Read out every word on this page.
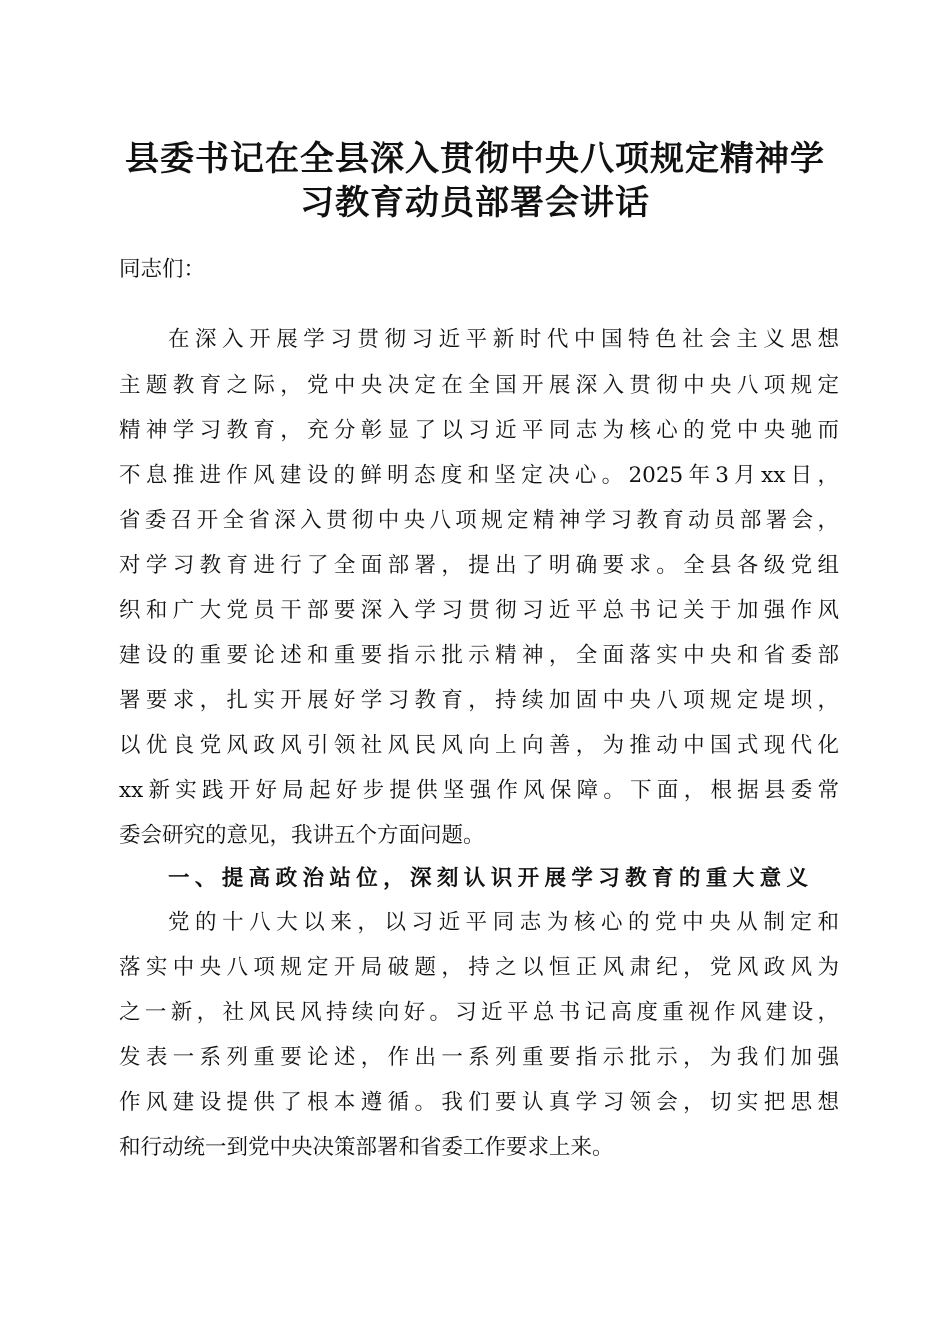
县委书记在全县深入贯彻中央八项规定精神学
习教育动员部署会讲话
同志们：
在深入开展学习贯彻习近平新时代中国特色社会主义思想
主题教育之际，党中央决定在全国开展深入贯彻中央八项规定
精神学习教育，充分彰显了以习近平同志为核心的党中央驰而
不息推进作风建设的鲜明态度和坚定决心。2025年3月xx日，
省委召开全省深入贯彻中央八项规定精神学习教育动员部署会，
对学习教育进行了全面部署，提出了明确要求。全县各级党组
织和广大党员干部要深入学习贯彻习近平总书记关于加强作风
建设的重要论述和重要指示批示精神，全面落实中央和省委部
署要求，扎实开展好学习教育，持续加固中央八项规定堤坝，
以优良党风政风引领社风民风向上向善，为推动中国式现代化
xx新实践开好局起好步提供坚强作风保障。下面，根据县委常
委会研究的意见，我讲五个方面问题。
一、提高政治站位，深刻认识开展学习教育的重大意义
党的十八大以来，以习近平同志为核心的党中央从制定和
落实中央八项规定开局破题，持之以恒正风肃纪，党风政风为
之一新，社风民风持续向好。习近平总书记高度重视作风建设，
发表一系列重要论述，作出一系列重要指示批示，为我们加强
作风建设提供了根本遵循。我们要认真学习领会，切实把思想
和行动统一到党中央决策部署和省委工作要求上来。
